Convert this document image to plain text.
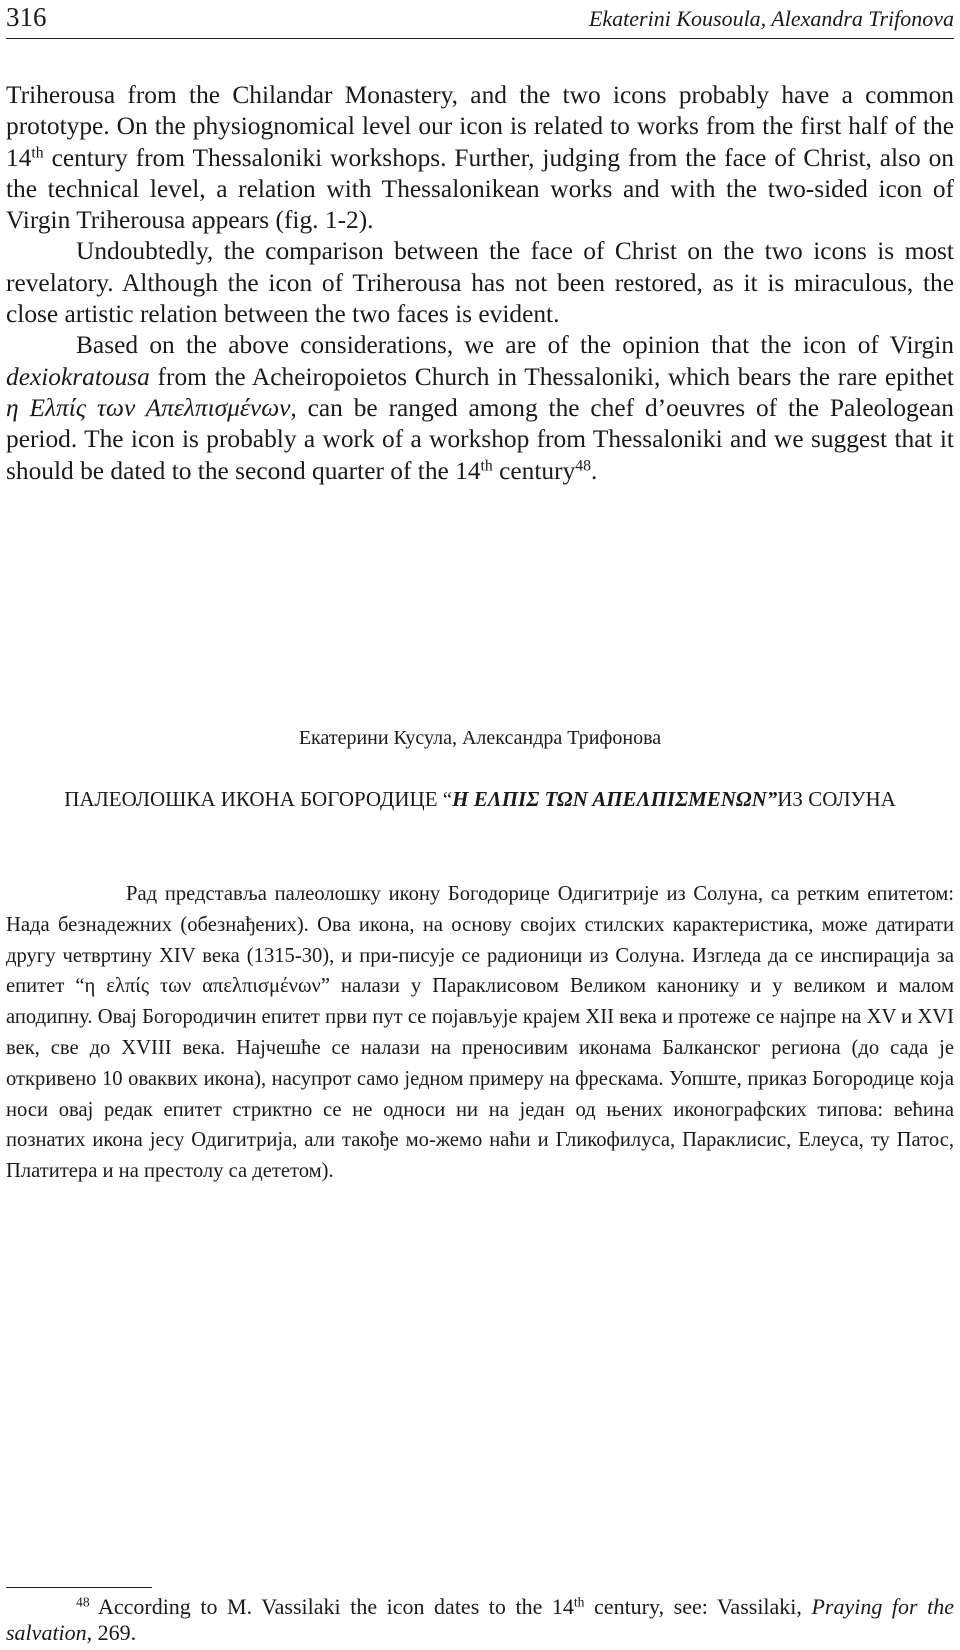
316	Ekaterini Kousoula, Alexandra Trifonova

Triherousa from the Chilandar Monastery, and the two icons probably have a common prototype. On the physiognomical level our icon is related to works from the first half of the 14th century from Thessaloniki workshops. Further, judging from the face of Christ, also on the technical level, a relation with Thessalonikean works and with the two-sided icon of Virgin Triherousa appears (fig. 1-2).

Undoubtedly, the comparison between the face of Christ on the two icons is most revelatory. Although the icon of Triherousa has not been restored, as it is miraculous, the close artistic relation between the two faces is evident.

Based on the above considerations, we are of the opinion that the icon of Virgin dexiokratousa from the Acheiropoietos Church in Thessaloniki, which bears the rare epithet η Ελπίς των Απελπισμένων, can be ranged among the chef d’oeuvres of the Paleologean period. The icon is probably a work of a workshop from Thessaloniki and we suggest that it should be dated to the second quarter of the 14th century$^{48}$.

Екатерини Кусула, Александра Трифонова
ПАЛЕОЛОШКА ИКОНА БОГОРОДИЦЕ “Η ΕΛΠΙΣ ΤΩΝ ΑΠΕΛΠΙΣΜΕΝΩΝ”ИЗ СОЛУНА

Рад представља палеолошку икону Богодорице Одигитрије из Солуна, са ретким епитетом: Нада безнадежних (обезнађених). Ова икона, на основу својих стилских карактеристика, може датирати другу четвртину XIV века (1315-30), и при-писује се радионици из Солуна. Изгледа да се инспирација за епитет “η ελπίς των απελπισμένων” налази у Параклисовом Великом канонику и у великом и малом аподипну. Овај Богородичин епитет први пут се појављује крајем XII века и протеже се најпре на XV и XVI век, све до XVIII века. Најчешће се налази на преносивим иконама Балканског региона (до сада је откривено 10 оваквих икона), насупрот само једном примеру на фрескама. Уопште, приказ Богородице која носи овај редак епитет стриктно се не односи ни на један од њених иконографских типова: већина познатих икона јесу Одигитрија, али такође мо-жемо наћи и Гликофилуса, Параклисис, Елеуса, ту Патос, Платитера и на престолу са дететом).

$^{48}$ According to M. Vassilaki the icon dates to the 14th century, see: Vassilaki, Praying for the salvation, 269.
